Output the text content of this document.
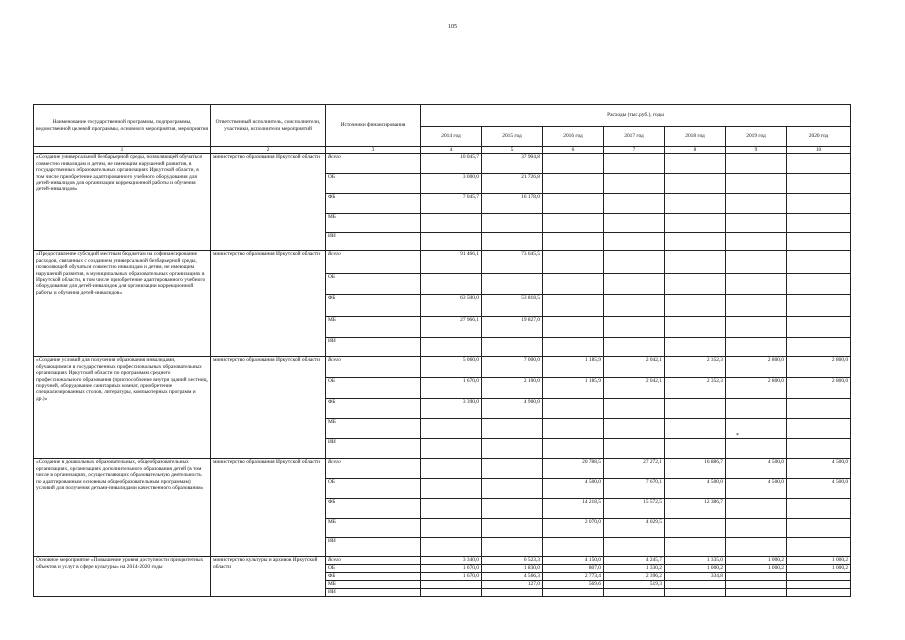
105
Наименование государственной программы, подпрограммы, ведомственной целевой программы, основного мероприятия, мероприятия	Ответственный исполнитель, соисполнители, участники, исполнители мероприятий	Источники финансирования	Расходы (тыс.руб.), годы						
			2014 год	2015 год	2016 год	2017 год	2018 год	2019 год	2020 год
1	2	3	4	5	6	7	8	9	10
«Создание универсальной безбарьерной среды, позволяющей обучаться совместно инвалидам и детям, не имеющим нарушений развития, в государственных образовательных организациях Иркутской области, в том числе приобретение адаптированного учебного оборудования для детей-инвалидов для организации коррекционной работы и обучения детей-инвалидов»	министерство образования Иркутской области	Всего	10 045,7	37 904,8					
		ОБ	3 000,0	21 726,8					
		ФБ	7 045,7	16 178,0					
		МБ							
		ИИ							
«Предоставление субсидий местным бюджетам на софинансирование расходов, связанных с созданием универсальной безбарьерной среды, позволяющей обучаться совместно инвалидам и детям, не имеющим нарушений развития, в муниципальных образовательных организациях в Иркутской области, в том числе приобретение адаптированного учебного оборудования для детей-инвалидов для организации коррекционной работы и обучения детей-инвалидов»	министерство образования Иркутской области	Всего	91 466,1	73 645,5					
		ОБ							
		ФБ	63 500,0	53 818,5					
		МБ	27 966,1	19 827,0					
		ИИ							
«Создание условий для получения образования инвалидами, обучающимися в государственных профессиональных образовательных организациях Иркутской области по программам среднего профессионального образования (приспособление внутри зданий лестниц, поручней, оборудование санитарных комнат, приобретение специализированных столов, литературы, компьютерных программ и др.)»	министерство образования Иркутской области	Всего	5 060,0	7 000,0	1 185,9	2 042,1	2 352,3	2 800,0	2 800,0
		ОБ	1 670,0	2 100,0	1 185,9	2 042,1	2 352,3	2 800,0	2 800,0
		ФБ	3 390,0	4 900,0					
		МБ							
		ИИ							
«Создание в дошкольных образовательных, общеобразовательных организациях, организациях дополнительного образования детей (в том числе в организациях, осуществляющих образовательную деятельность по адаптированным основным общеобразовательным программам) условий для получения детьми-инвалидами качественного образования»	министерство образования Иркутской области	Всего			20 788,5	27 272,1	16 886,7	4 500,0	4 500,0
		ОБ			4 500,0	7 670,1	4 500,0	4 500,0	4 500,0
		ФБ			14 218,5	15 572,5	12 386,7		
		МБ			2 070,0	4 029,5			
		ИИ							
Основное мероприятие «Повышение уровня доступности приоритетных объектов и услуг в сфере культуры» на 2014-2020 годы	министерство культуры и архивов Иркутской области	Всего	3 340,0	6 523,3	4 150,0	4 245,7	1 335,0	1 000,2	1 000,2
		ОБ	1 670,0	1 830,0	807,0	1 330,2	1 000,2	1 000,2	1 000,2
		ФБ	1 670,0	4 566,3	2 773,4	2 396,2	334,8		
		МБ		127,0	569,6	519,3			
		ИИ							
*
